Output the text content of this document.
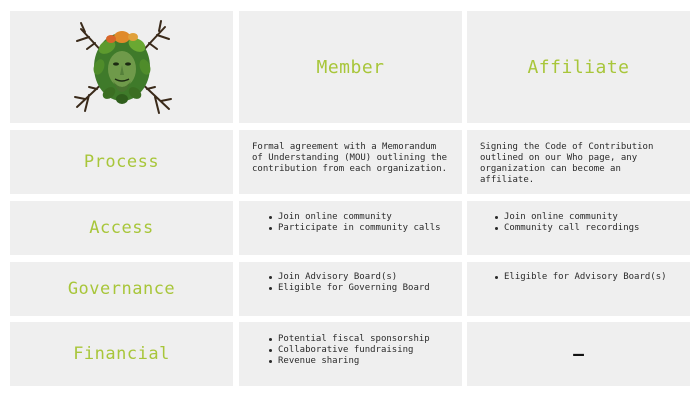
Member	Affiliate
Process
Formal agreement with a Memorandum of Understanding (MOU) outlining the contribution from each organization.
Signing the Code of Contribution outlined on our Who page, any organization can become an affiliate.
Access
Join online community
Participate in community calls
Join online community
Community call recordings
Governance
Join Advisory Board(s)
Eligible for Governing Board
Eligible for Advisory Board(s)
Financial
Potential fiscal sponsorship
Collaborative fundraising
Revenue sharing	—
